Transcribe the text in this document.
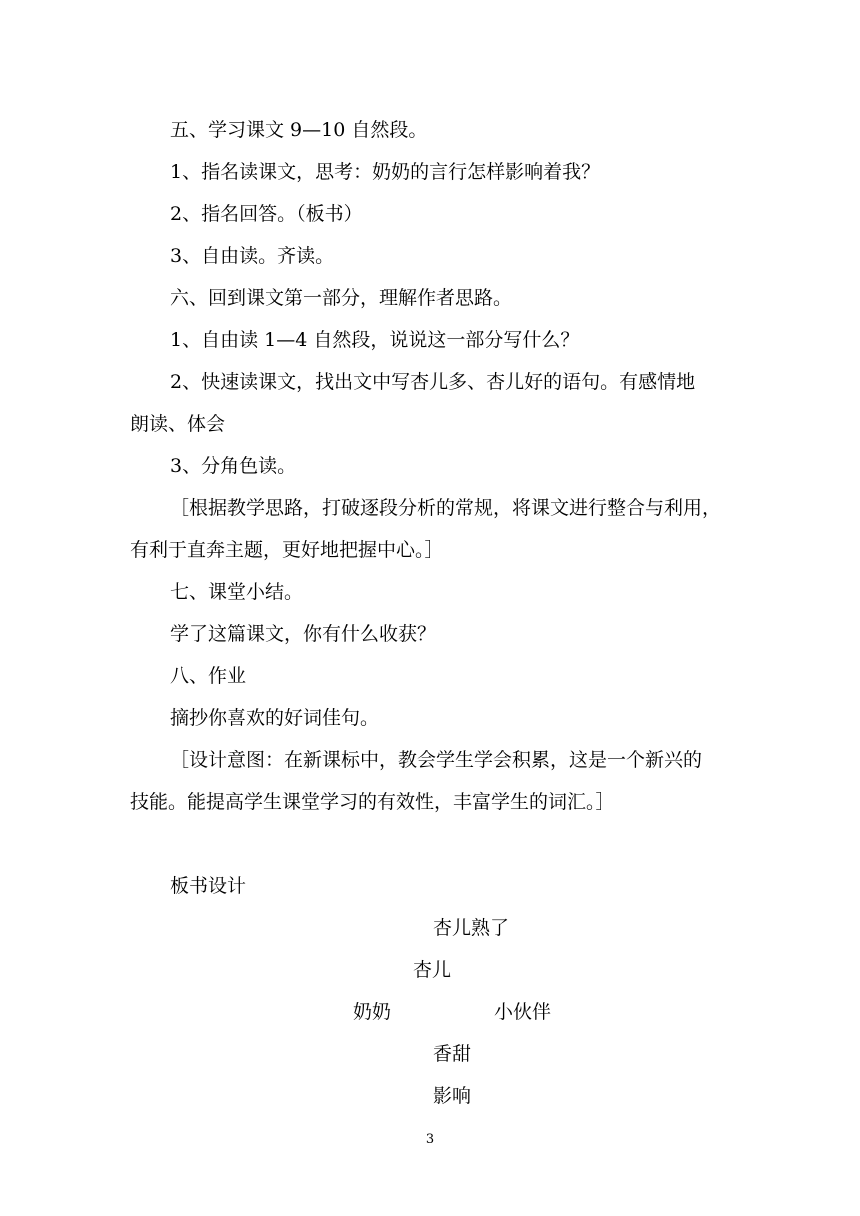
五、学习课文 9—10 自然段。
1、指名读课文，思考：奶奶的言行怎样影响着我？
2、指名回答。（板书）
3、自由读。齐读。
六、回到课文第一部分，理解作者思路。
1、自由读 1—4 自然段，说说这一部分写什么？
2、快速读课文，找出文中写杏儿多、杏儿好的语句。有感情地
朗读、体会
3、分角色读。
［根据教学思路，打破逐段分析的常规，将课文进行整合与利用，
有利于直奔主题，更好地把握中心。］
七、课堂小结。
学了这篇课文，你有什么收获？
八、作业
摘抄你喜欢的好词佳句。
［设计意图：在新课标中，教会学生学会积累，这是一个新兴的
技能。能提高学生课堂学习的有效性，丰富学生的词汇。］
板书设计
杏儿熟了
杏儿
奶奶	小伙伴
香甜
影响
3
